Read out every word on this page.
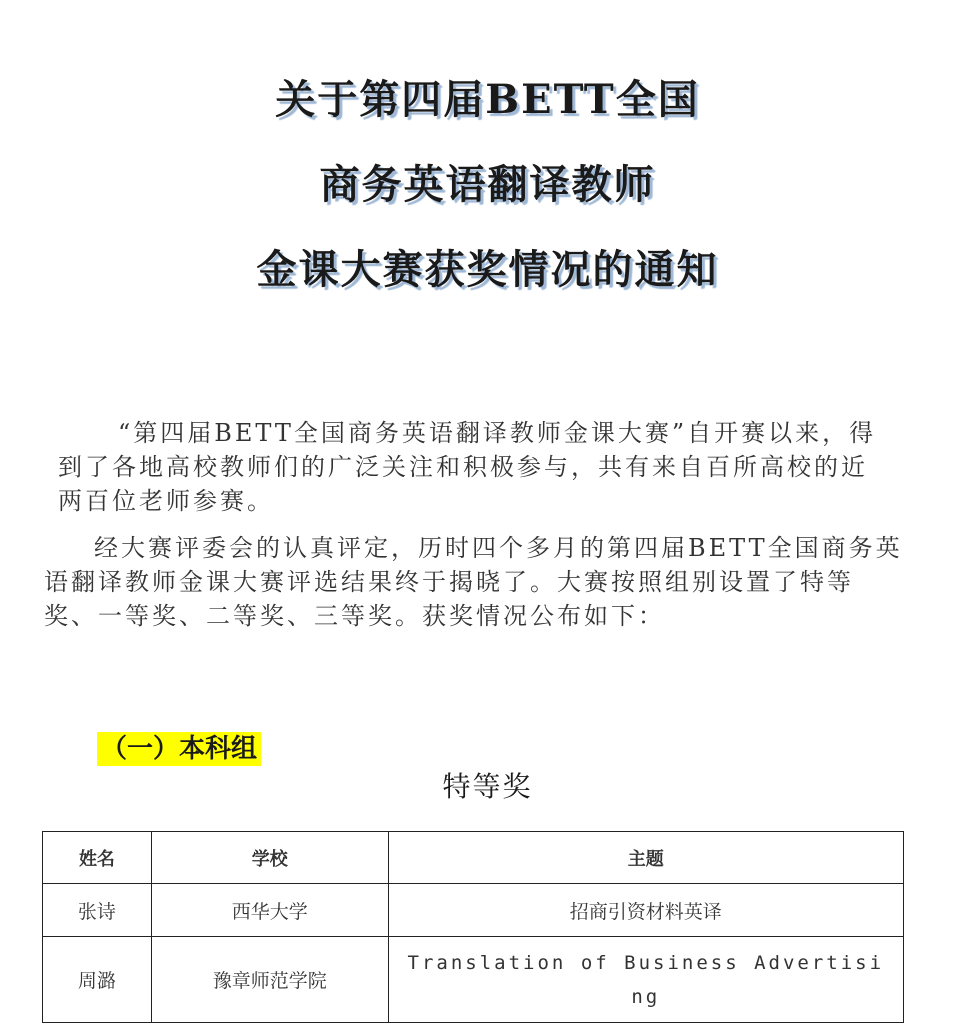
关于第四届BETT全国
商务英语翻译教师
金课大赛获奖情况的通知
“第四届BETT全国商务英语翻译教师金课大赛”自开赛以来，得到了各地高校教师们的广泛关注和积极参与，共有来自百所高校的近两百位老师参赛。
经大赛评委会的认真评定，历时四个多月的第四届BETT全国商务英语翻译教师金课大赛评选结果终于揭晓了。大赛按照组别设置了特等奖、一等奖、二等奖、三等奖。获奖情况公布如下：
（一）本科组
特等奖
姓名	学校	主题
张诗	西华大学	招商引资材料英译
周潞	豫章师范学院	Translation of Business Advertising
